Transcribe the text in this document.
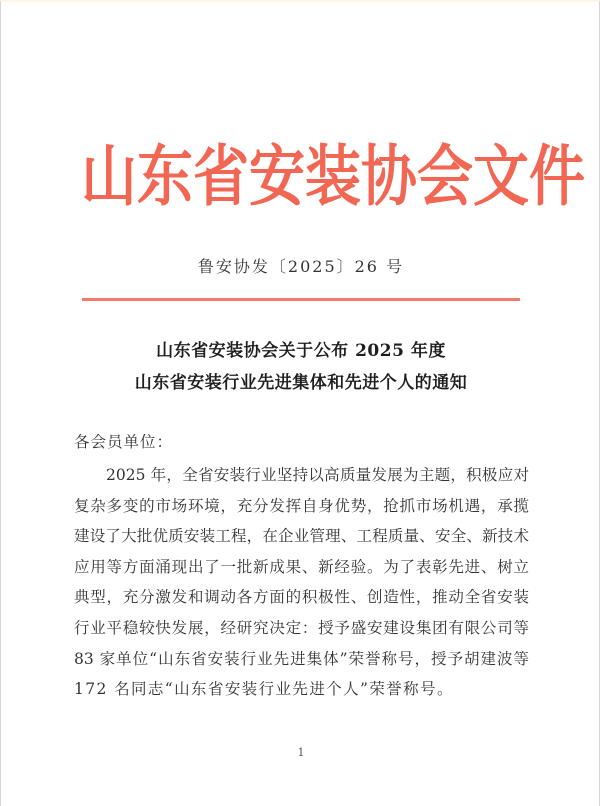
山 东 省 安 装 协 会 文 件
鲁安协发〔2025〕26 号
山东省安装协会关于公布 2025 年度
山东省安装行业先进集体和先进个人的通知
各会员单位：
2025 年，全省安装行业坚持以高质量发展为主题，积极应对
复杂多变的市场环境，充分发挥自身优势，抢抓市场机遇，承揽
建设了大批优质安装工程，在企业管理、工程质量、安全、新技术
应用等方面涌现出了一批新成果、新经验。为了表彰先进、树立
典型，充分激发和调动各方面的积极性、创造性，推动全省安装
行业平稳较快发展，经研究决定：授予盛安建设集团有限公司等
83 家单位“山东省安装行业先进集体”荣誉称号，授予胡建波等
172 名同志“山东省安装行业先进个人”荣誉称号。
1
